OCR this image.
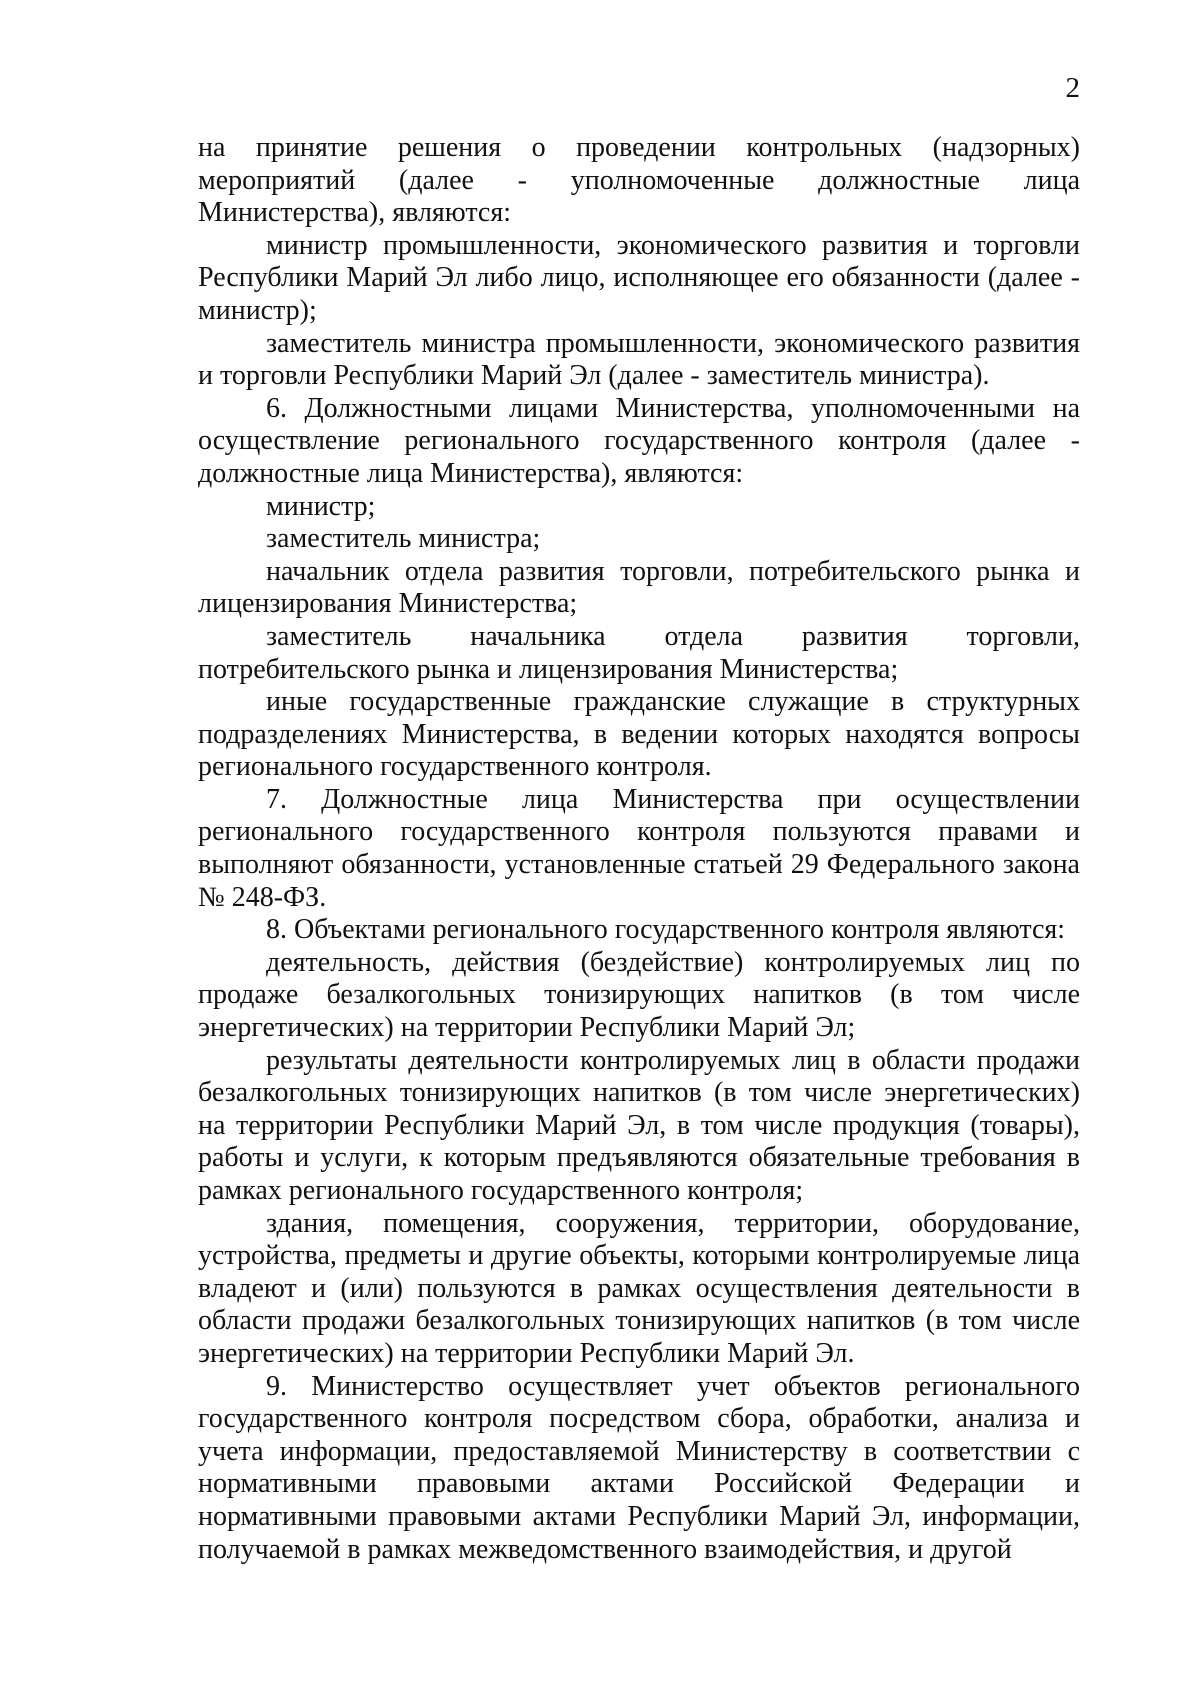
2

на принятие решения о проведении контрольных (надзорных) мероприятий (далее - уполномоченные должностные лица Министерства), являются:

министр промышленности, экономического развития и торговли Республики Марий Эл либо лицо, исполняющее его обязанности (далее - министр);

заместитель министра промышленности, экономического развития и торговли Республики Марий Эл (далее - заместитель министра).

6. Должностными лицами Министерства, уполномоченными на осуществление регионального государственного контроля (далее - должностные лица Министерства), являются:

министр;

заместитель министра;

начальник отдела развития торговли, потребительского рынка и лицензирования Министерства;

заместитель начальника отдела развития торговли, потребительского рынка и лицензирования Министерства;

иные государственные гражданские служащие в структурных подразделениях Министерства, в ведении которых находятся вопросы регионального государственного контроля.

7. Должностные лица Министерства при осуществлении регионального государственного контроля пользуются правами и выполняют обязанности, установленные статьей 29 Федерального закона № 248-ФЗ.

8. Объектами регионального государственного контроля являются:

деятельность, действия (бездействие) контролируемых лиц по продаже безалкогольных тонизирующих напитков (в том числе энергетических) на территории Республики Марий Эл;

результаты деятельности контролируемых лиц в области продажи безалкогольных тонизирующих напитков (в том числе энергетических) на территории Республики Марий Эл, в том числе продукция (товары), работы и услуги, к которым предъявляются обязательные требования в рамках регионального государственного контроля;

здания, помещения, сооружения, территории, оборудование, устройства, предметы и другие объекты, которыми контролируемые лица владеют и (или) пользуются в рамках осуществления деятельности в области продажи безалкогольных тонизирующих напитков (в том числе энергетических) на территории Республики Марий Эл.

9. Министерство осуществляет учет объектов регионального государственного контроля посредством сбора, обработки, анализа и учета информации, предоставляемой Министерству в соответствии с нормативными правовыми актами Российской Федерации и нормативными правовыми актами Республики Марий Эл, информации, получаемой в рамках межведомственного взаимодействия, и другой
